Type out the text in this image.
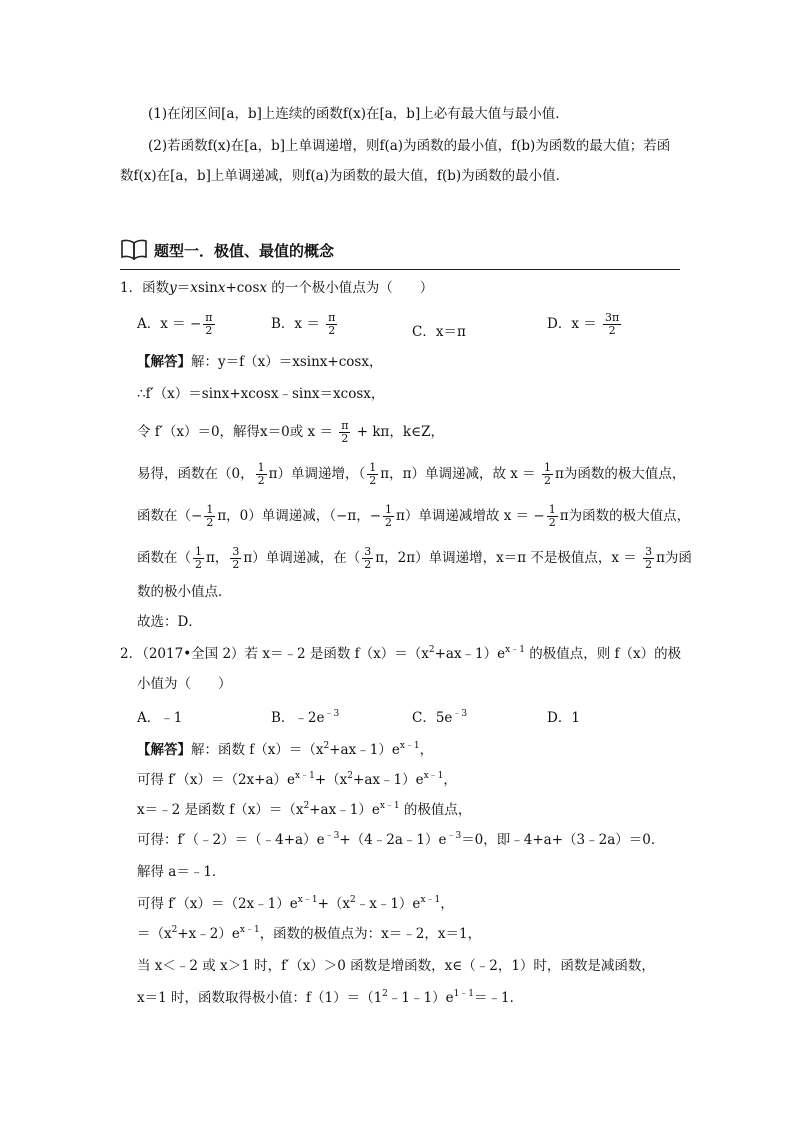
(1)在闭区间[a，b]上连续的函数f(x)在[a，b]上必有最大值与最小值．
(2)若函数f(x)在[a，b]上单调递增，则f(a)为函数的最小值，f(b)为函数的最大值；若函
数f(x)在[a，b]上单调递减，则f(a)为函数的最大值，f(b)为函数的最小值．
题型一．极值、最值的概念
1．函数y＝xsinx+cosx 的一个极小值点为（　　）
A．x ＝ − $\frac{\pi}{2}$	B．$x = \frac{\pi}{2}$	C．x＝π	D．$x = \frac{3\pi}{2}$
【解答】解：y＝f（x）＝xsinx+cosx，
∴f′（x）＝sinx+xcosx﹣sinx＝xcosx，
令 f′（x）＝0，解得x＝0或 $x = \frac{\pi}{2} + k\pi$，k∈Z，
易得，函数在（0， $\frac{1}{2} \pi$）单调递增，（ $\frac{1}{2}$ π，π）单调递减，故 $x = \frac{1}{2}$ π为函数的极大值点，
函数在（− $\frac{1}{2}$ π，0）单调递减，（−π，− $\frac{1}{2} \pi$）单调递减增故 x ＝ − $\frac{1}{2}$ π为函数的极大值点，
函数在（ $\frac{1}{2}$ π， $\frac{3}{2} \pi$）单调递减，在（ $\frac{3}{2}$ π，2π）单调递增，x＝π 不是极值点，$x = \frac{3}{2}$ π为函
数的极小值点．
故选：D．
2．（2017•全国 2）若 x＝﹣2 是函数 $f(x)=(x^2+ax﹣1)e^{x﹣1}$ 的极值点，则 f（x）的极
小值为（　　）
A．﹣1	B．$﹣2e^{﹣3}$	C．$5e^{﹣3}$	D．1
【解答】解：函数 $f(x)=(x^2+ax﹣1)e^{x﹣1}$，
可得 $f'(x)=(2x+a)e^{x﹣1}+(x^2+ax﹣1)e^{x﹣1}$，
x＝﹣2 是函数 $f(x)=(x^2+ax﹣1)e^{x﹣1}$ 的极值点，
可得：$f'(﹣2)=(﹣4+a)e^{﹣3}+(4﹣2a﹣1)e^{﹣3}=0$，即﹣4+a+（3﹣2a）＝0．
解得 a＝﹣1．
可得 $f'(x)=(2x﹣1)e^{x﹣1}+(x^2﹣x﹣1)e^{x﹣1}$，
$=(x^2+x﹣2)e^{x﹣1}$，函数的极值点为：x＝﹣2，x＝1，
当 x＜﹣2 或 x＞1 时，f′（x）＞0 函数是增函数，x∈（﹣2，1）时，函数是减函数，
x＝1 时，函数取得极小值：$f(1)=(1^2﹣1﹣1)e^{1﹣1}=﹣1$．
